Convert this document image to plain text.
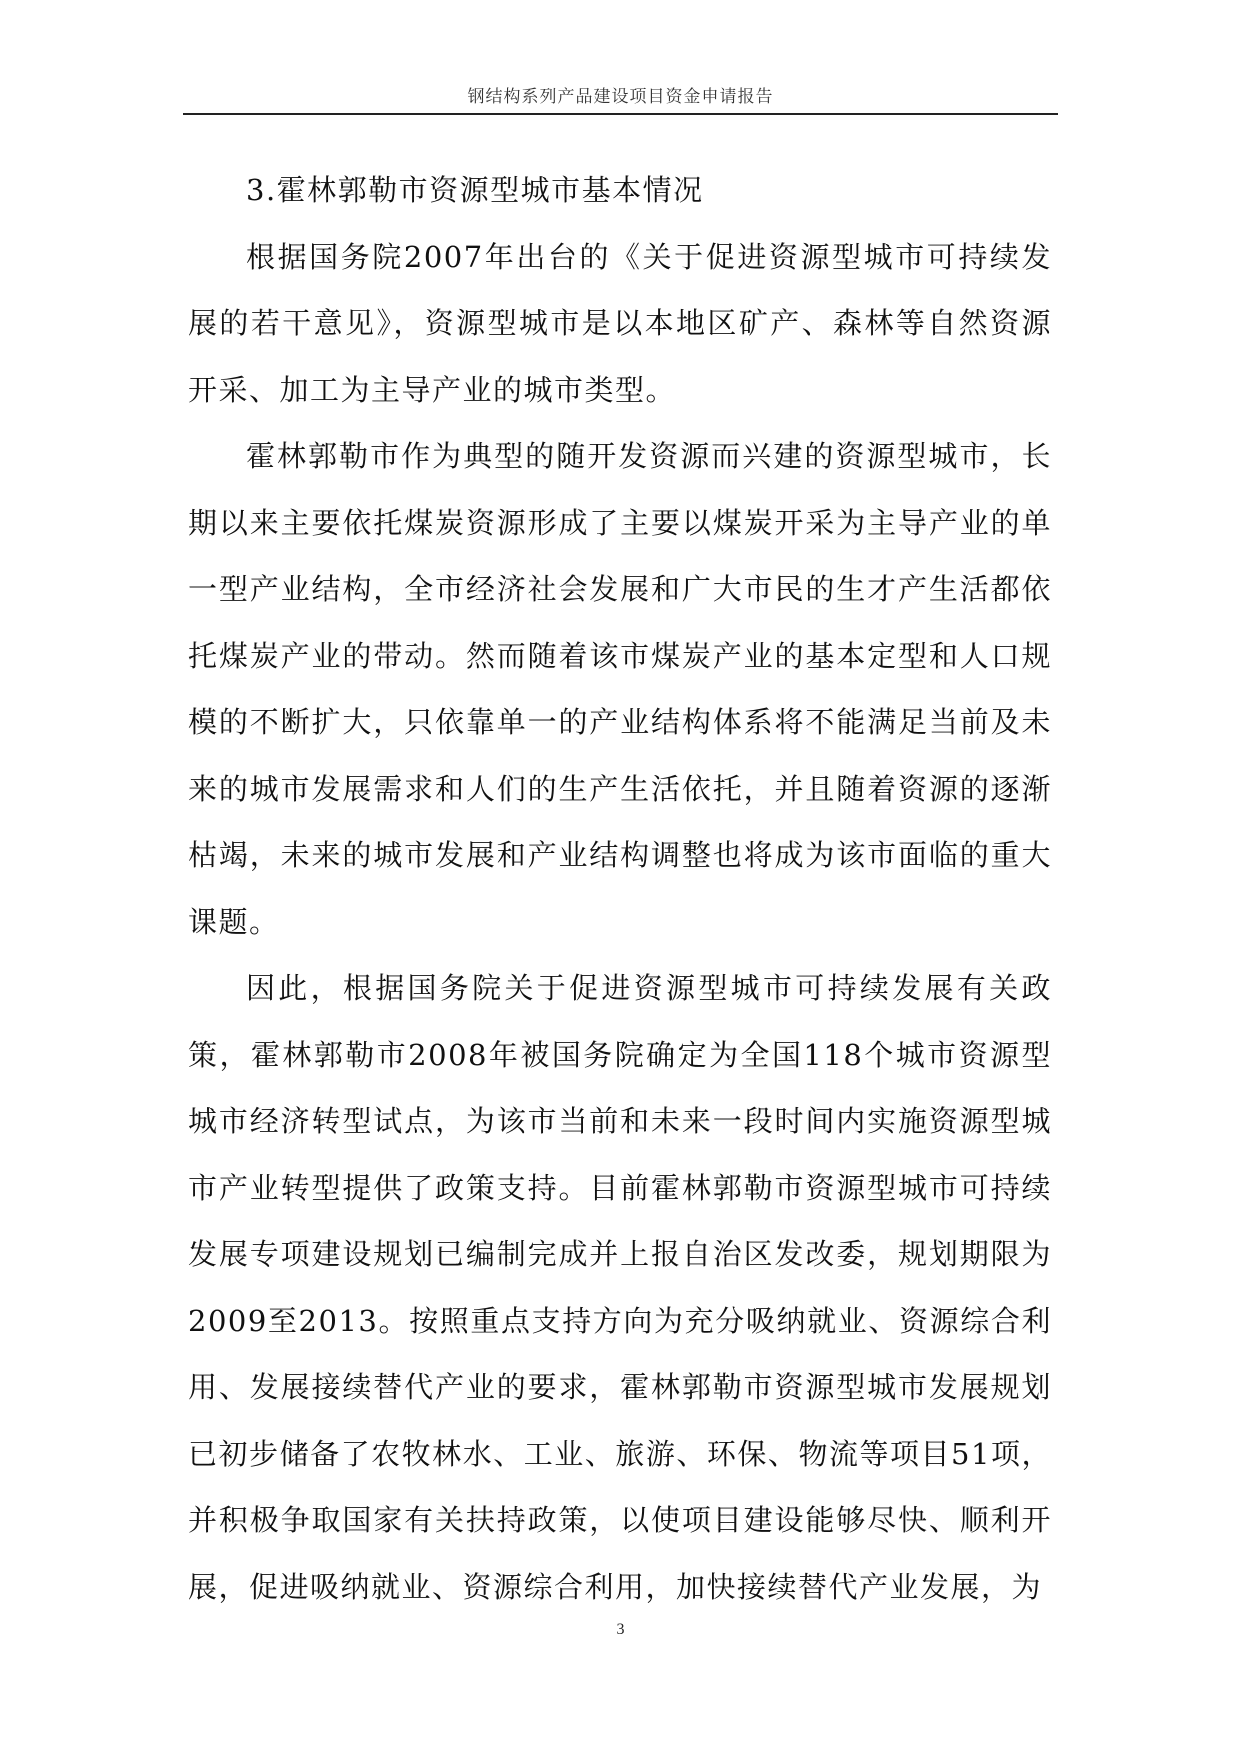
钢结构系列产品建设项目资金申请报告

3.霍林郭勒市资源型城市基本情况

根据国务院2007年出台的《关于促进资源型城市可持续发展的若干意见》，资源型城市是以本地区矿产、森林等自然资源开采、加工为主导产业的城市类型。

霍林郭勒市作为典型的随开发资源而兴建的资源型城市，长期以来主要依托煤炭资源形成了主要以煤炭开采为主导产业的单一型产业结构，全市经济社会发展和广大市民的生才产生活都依托煤炭产业的带动。然而随着该市煤炭产业的基本定型和人口规模的不断扩大，只依靠单一的产业结构体系将不能满足当前及未来的城市发展需求和人们的生产生活依托，并且随着资源的逐渐枯竭，未来的城市发展和产业结构调整也将成为该市面临的重大课题。

因此，根据国务院关于促进资源型城市可持续发展有关政策，霍林郭勒市2008年被国务院确定为全国118个城市资源型城市经济转型试点，为该市当前和未来一段时间内实施资源型城市产业转型提供了政策支持。目前霍林郭勒市资源型城市可持续发展专项建设规划已编制完成并上报自治区发改委，规划期限为2009至2013。按照重点支持方向为充分吸纳就业、资源综合利用、发展接续替代产业的要求，霍林郭勒市资源型城市发展规划已初步储备了农牧林水、工业、旅游、环保、物流等项目51项，并积极争取国家有关扶持政策，以使项目建设能够尽快、顺利开展，促进吸纳就业、资源综合利用，加快接续替代产业发展，为

3
